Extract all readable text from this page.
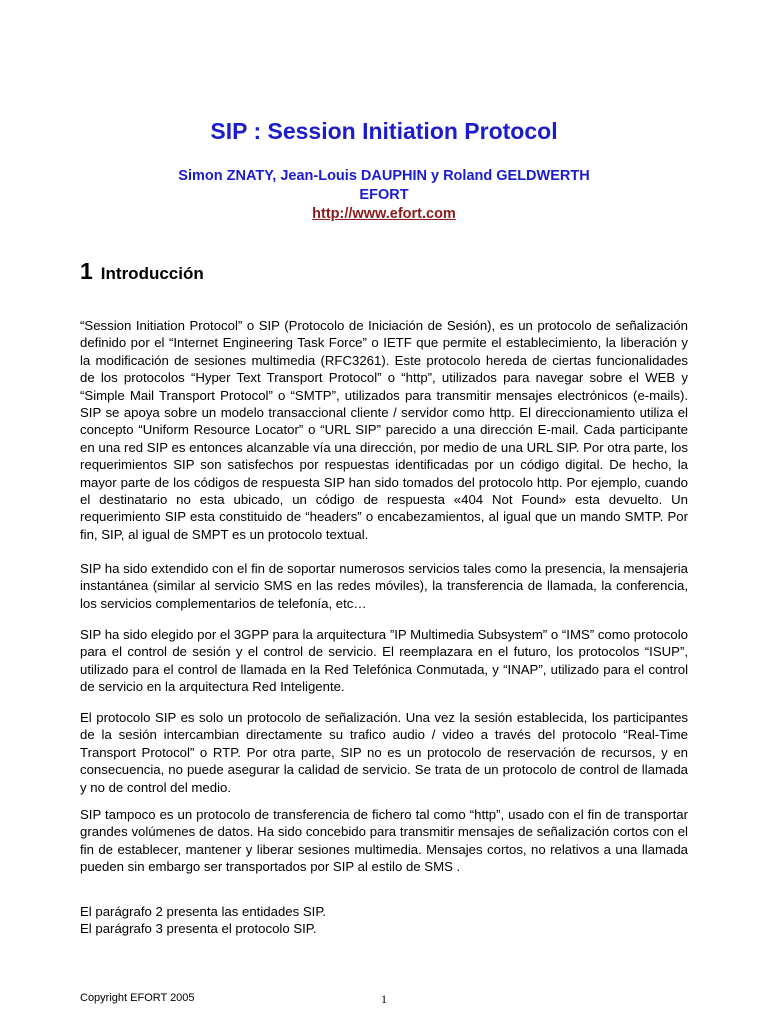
SIP : Session Initiation Protocol

Simon ZNATY, Jean-Louis DAUPHIN y Roland GELDWERTH

EFORT

http://www.efort.com

1 Introducción

“Session Initiation Protocol” o SIP (Protocolo de Iniciación de Sesión), es un protocolo de señalización definido por el “Internet Engineering Task Force” o IETF que permite el establecimiento, la liberación y la modificación de sesiones multimedia (RFC3261). Este protocolo hereda de ciertas funcionalidades de los protocolos “Hyper Text Transport Protocol” o “http”, utilizados para navegar sobre el WEB y “Simple Mail Transport Protocol” o “SMTP”, utilizados para transmitir mensajes electrónicos (e-mails). SIP se apoya sobre un modelo transaccional cliente / servidor como http. El direccionamiento utiliza el concepto “Uniform Resource Locator” o “URL SIP” parecido a una dirección E-mail. Cada participante en una red SIP es entonces alcanzable vía una dirección, por medio de una URL SIP. Por otra parte, los requerimientos SIP son satisfechos por respuestas identificadas por un código digital. De hecho, la mayor parte de los códigos de respuesta SIP han sido tomados del protocolo http. Por ejemplo, cuando el destinatario no esta ubicado, un código de respuesta «404 Not Found» esta devuelto. Un requerimiento SIP esta constituido de “headers” o encabezamientos, al igual que un mando SMTP. Por fin, SIP, al igual de SMPT es un protocolo textual.

SIP ha sido extendido con el fin de soportar numerosos servicios tales como la presencia, la mensajeria instantánea (similar al servicio SMS en las redes móviles), la transferencia de llamada, la conferencia, los servicios complementarios de telefonía, etc…

SIP ha sido elegido por el 3GPP para la arquitectura ”IP Multimedia Subsystem” o “IMS” como protocolo para el control de sesión y el control de servicio. El reemplazara en el futuro, los protocolos “ISUP”, utilizado para el control de llamada en la Red Telefónica Conmutada, y “INAP”, utilizado para el control de servicio en la arquitectura Red Inteligente.

El protocolo SIP es solo un protocolo de señalización. Una vez la sesión establecida, los participantes de la sesión intercambian directamente su trafico audio / video a través del protocolo “Real-Time Transport Protocol” o RTP. Por otra parte, SIP no es un protocolo de reservación de recursos, y en consecuencia, no puede asegurar la calidad de servicio. Se trata de un protocolo de control de llamada y no de control del medio.

SIP tampoco es un protocolo de transferencia de fichero tal como “http”, usado con el fin de transportar grandes volúmenes de datos. Ha sido concebido para transmitir mensajes de señalización cortos con el fin de establecer, mantener y liberar sesiones multimedia. Mensajes cortos, no relativos a una llamada pueden sin embargo ser transportados por SIP al estilo de SMS .

El parágrafo 2 presenta las entidades SIP.
El parágrafo 3 presenta el protocolo SIP.

Copyright EFORT 2005	1
